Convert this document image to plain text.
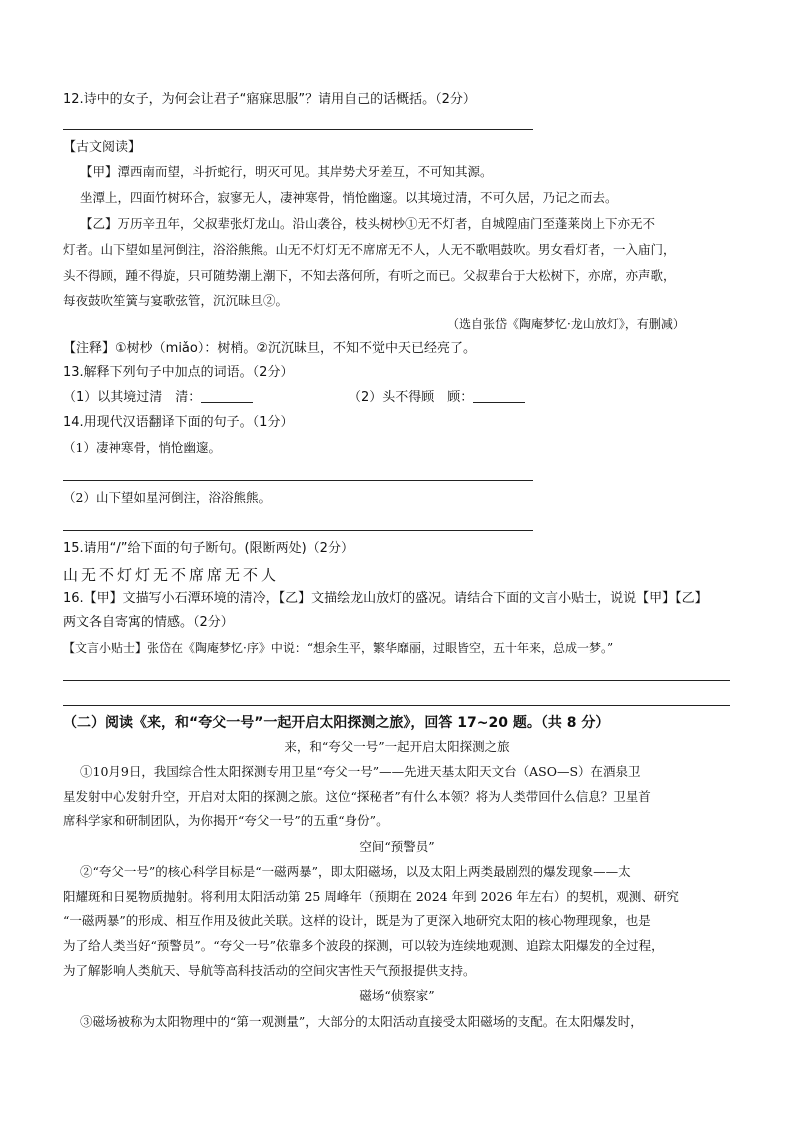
12.诗中的女子，为何会让君子“寤寐思服”？请用自己的话概括。（2分）
【古文阅读】
【甲】潭西南而望，斗折蛇行，明灭可见。其岸势犬牙差互，不可知其源。
坐潭上，四面竹树环合，寂寥无人，凄神寒骨，悄怆幽邃。以其境过清，不可久居，乃记之而去。
【乙】万历辛丑年，父叔辈张灯龙山。沿山袭谷，枝头树杪①无不灯者，自城隍庙门至蓬莱岗上下亦无不
灯者。山下望如星河倒注，浴浴熊熊。山无不灯灯无不席席无不人，人无不歌唱鼓吹。男女看灯者，一入庙门，
头不得顾，踵不得旋，只可随势潮上潮下，不知去落何所，有听之而已。父叔辈台于大松树下，亦席，亦声歌，
每夜鼓吹笙簧与宴歌弦管，沉沉昧旦②。
（选自张岱《陶庵梦忆·龙山放灯》，有删减）
【注释】①树杪（miǎo）：树梢。②沉沉昧旦，不知不觉中天已经亮了。
13.解释下列句子中加点的词语。（2分）
（1）以其境过清　清：	（2）头不得顾　顾：
14.用现代汉语翻译下面的句子。（1分）
（1）凄神寒骨，悄怆幽邃。
（2）山下望如星河倒注，浴浴熊熊。
15.请用“/”给下面的句子断句。(限断两处)（2分）
山无不灯灯无不席席无不人
16.【甲】文描写小石潭环境的清冷，【乙】文描绘龙山放灯的盛况。请结合下面的文言小贴士，说说【甲】【乙】
两文各自寄寓的情感。（2分）
【文言小贴士】张岱在《陶庵梦忆·序》中说：“想余生平，繁华靡丽，过眼皆空，五十年来，总成一梦。”
（二）阅读《来，和“夸父一号”一起开启太阳探测之旅》，回答 17~20 题。（共 8 分）
来，和“夸父一号”一起开启太阳探测之旅
①10月9日，我国综合性太阳探测专用卫星“夸父一号”——先进天基太阳天文台（ASO—S）在酒泉卫
星发射中心发射升空，开启对太阳的探测之旅。这位“探秘者”有什么本领？将为人类带回什么信息？卫星首
席科学家和研制团队，为你揭开“夸父一号”的五重“身份”。
空间“预警员”
②“夸父一号”的核心科学目标是“一磁两暴”，即太阳磁场，以及太阳上两类最剧烈的爆发现象——太
阳耀斑和日冕物质抛射。将利用太阳活动第 25 周峰年（预期在 2024 年到 2026 年左右）的契机，观测、研究
“一磁两暴”的形成、相互作用及彼此关联。这样的设计，既是为了更深入地研究太阳的核心物理现象，也是
为了给人类当好“预警员”。“夸父一号”依靠多个波段的探测，可以较为连续地观测、追踪太阳爆发的全过程，
为了解影响人类航天、导航等高科技活动的空间灾害性天气预报提供支持。
磁场“侦察家”
③磁场被称为太阳物理中的“第一观测量”，大部分的太阳活动直接受太阳磁场的支配。在太阳爆发时，
